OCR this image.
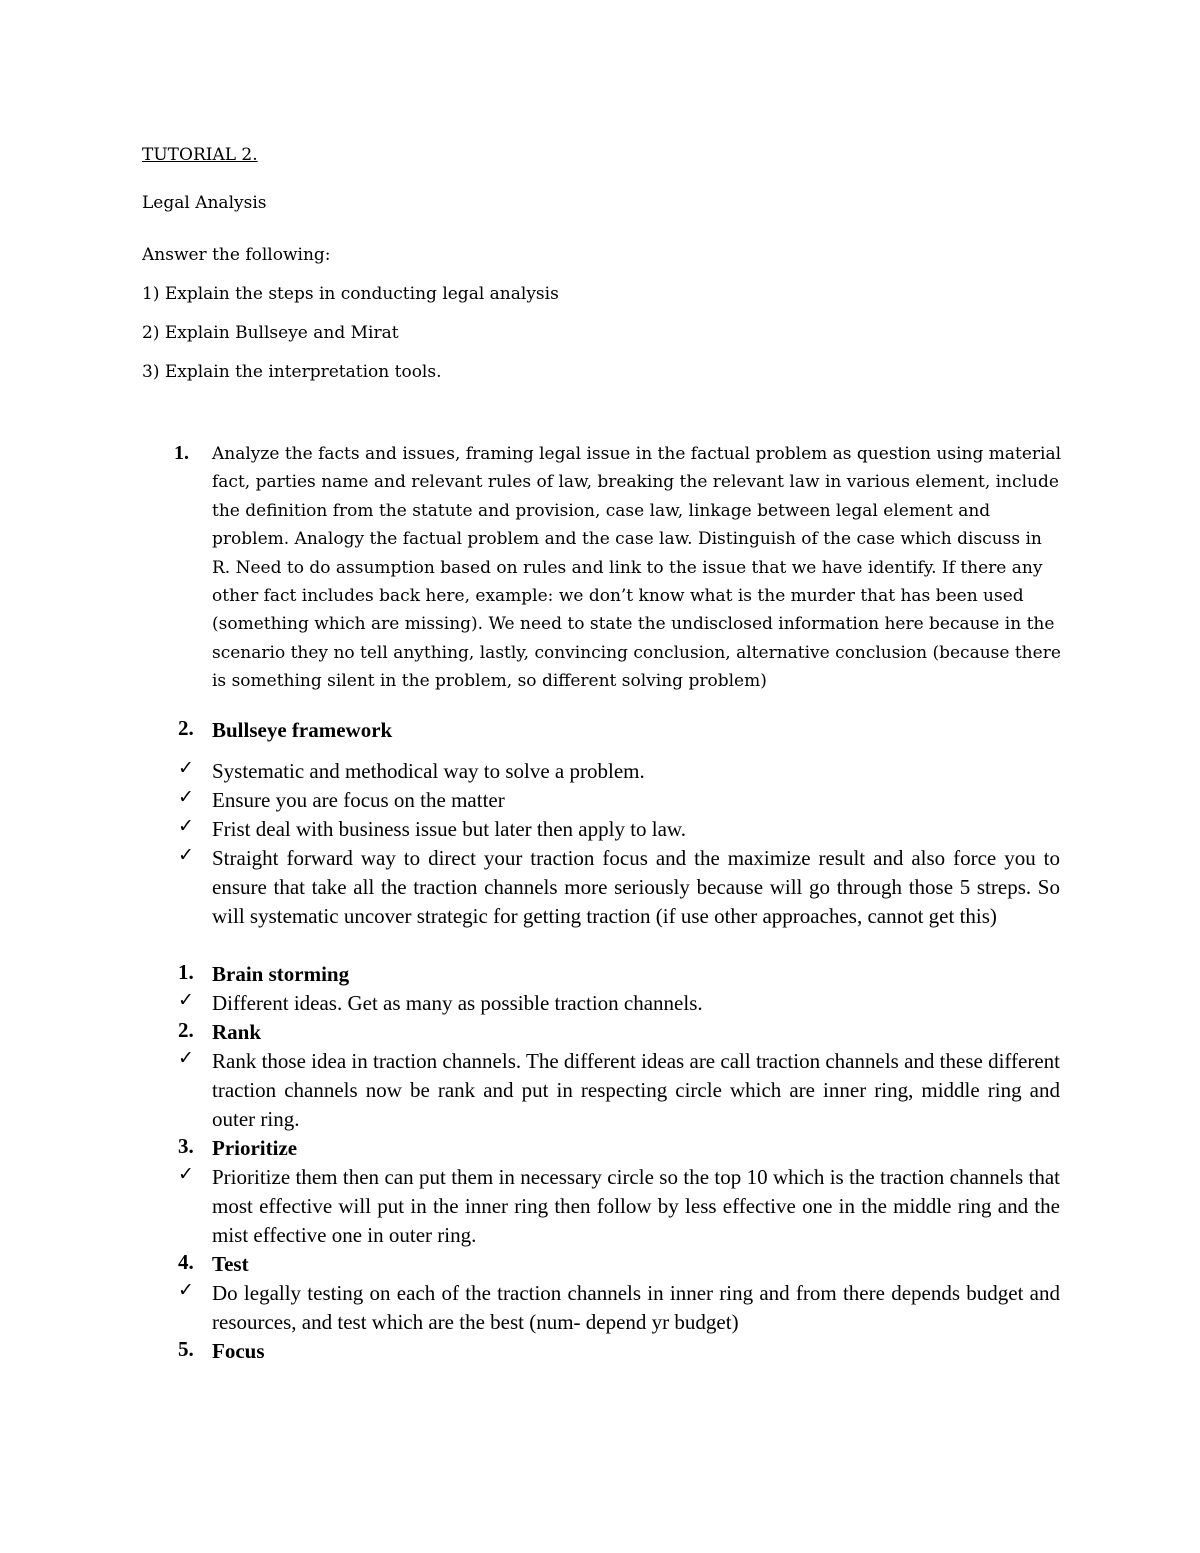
TUTORIAL 2.
Legal Analysis
Answer the following:
1) Explain the steps in conducting legal analysis
2) Explain Bullseye and Mirat
3) Explain the interpretation tools.
1. Analyze the facts and issues, framing legal issue in the factual problem as question using material
fact, parties name and relevant rules of law, breaking the relevant law in various element, include
the definition from the statute and provision, case law, linkage between legal element and
problem. Analogy the factual problem and the case law. Distinguish of the case which discuss in
R. Need to do assumption based on rules and link to the issue that we have identify. If there any
other fact includes back here, example: we don’t know what is the murder that has been used
(something which are missing). We need to state the undisclosed information here because in the
scenario they no tell anything, lastly, convincing conclusion, alternative conclusion (because there
is something silent in the problem, so different solving problem)
2. Bullseye framework
✓ Systematic and methodical way to solve a problem.
✓ Ensure you are focus on the matter
✓ Frist deal with business issue but later then apply to law.
✓ Straight forward way to direct your traction focus and the maximize result and also force you to ensure that take all the traction channels more seriously because will go through those 5 streps. So will systematic uncover strategic for getting traction (if use other approaches, cannot get this)
1. Brain storming
✓ Different ideas. Get as many as possible traction channels.
2. Rank
✓ Rank those idea in traction channels. The different ideas are call traction channels and these different traction channels now be rank and put in respecting circle which are inner ring, middle ring and outer ring.
3. Prioritize
✓ Prioritize them then can put them in necessary circle so the top 10 which is the traction channels that most effective will put in the inner ring then follow by less effective one in the middle ring and the mist effective one in outer ring.
4. Test
✓ Do legally testing on each of the traction channels in inner ring and from there depends budget and resources, and test which are the best (num- depend yr budget)
5. Focus
